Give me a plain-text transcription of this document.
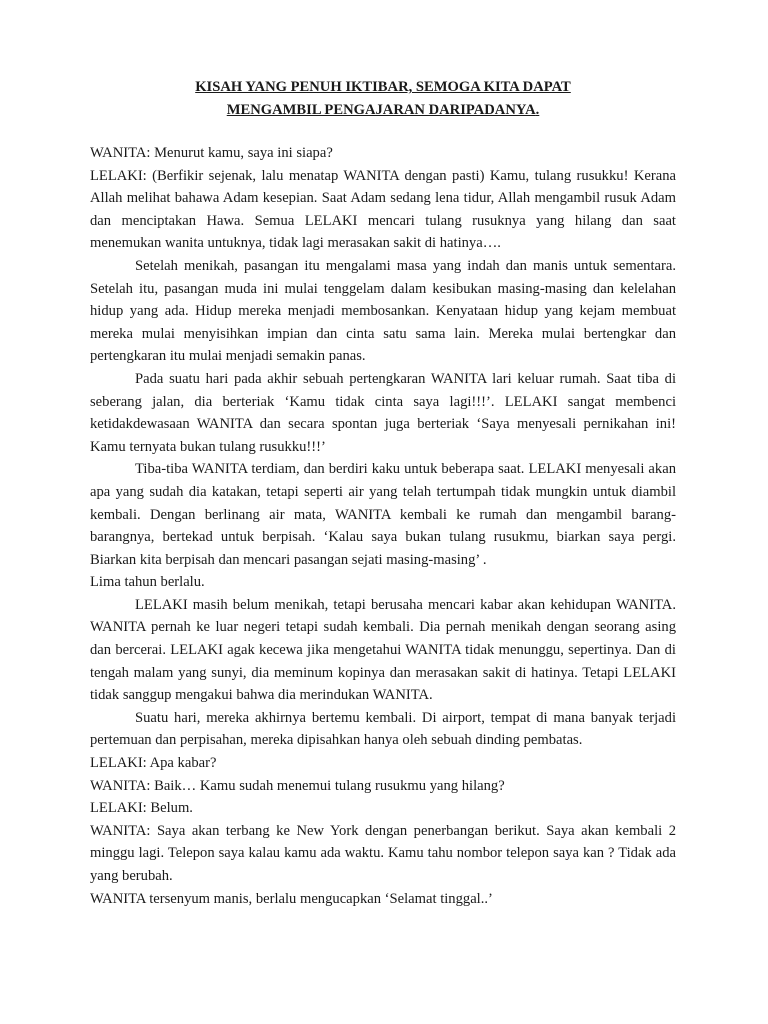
KISAH YANG PENUH IKTIBAR, SEMOGA KITA DAPAT

MENGAMBIL PENGAJARAN DARIPADANYA.

WANITA: Menurut kamu, saya ini siapa?

LELAKI: (Berfikir sejenak, lalu menatap WANITA dengan pasti) Kamu, tulang rusukku! Kerana Allah melihat bahawa Adam kesepian. Saat Adam sedang lena tidur, Allah mengambil rusuk Adam dan menciptakan Hawa. Semua LELAKI mencari tulang rusuknya yang hilang dan saat menemukan wanita untuknya, tidak lagi merasakan sakit di hatinya….

Setelah menikah, pasangan itu mengalami masa yang indah dan manis untuk sementara. Setelah itu, pasangan muda ini mulai tenggelam dalam kesibukan masing-masing dan kelelahan hidup yang ada. Hidup mereka menjadi membosankan. Kenyataan hidup yang kejam membuat mereka mulai menyisihkan impian dan cinta satu sama lain. Mereka mulai bertengkar dan pertengkaran itu mulai menjadi semakin panas.

Pada suatu hari pada akhir sebuah pertengkaran WANITA lari keluar rumah. Saat tiba di seberang jalan, dia berteriak ‘Kamu tidak cinta saya lagi!!!’. LELAKI sangat membenci ketidakdewasaan WANITA dan secara spontan juga berteriak ‘Saya menyesali pernikahan ini! Kamu ternyata bukan tulang rusukku!!!’

Tiba-tiba WANITA terdiam, dan berdiri kaku untuk beberapa saat. LELAKI menyesali akan apa yang sudah dia katakan, tetapi seperti air yang telah tertumpah tidak mungkin untuk diambil kembali. Dengan berlinang air mata, WANITA kembali ke rumah dan mengambil barang-barangnya, bertekad untuk berpisah. ‘Kalau saya bukan tulang rusukmu, biarkan saya pergi. Biarkan kita berpisah dan mencari pasangan sejati masing-masing’ .

Lima tahun berlalu.

LELAKI masih belum menikah, tetapi berusaha mencari kabar akan kehidupan WANITA. WANITA pernah ke luar negeri tetapi sudah kembali. Dia pernah menikah dengan seorang asing dan bercerai. LELAKI agak kecewa jika mengetahui WANITA tidak menunggu, sepertinya. Dan di tengah malam yang sunyi, dia meminum kopinya dan merasakan sakit di hatinya. Tetapi LELAKI tidak sanggup mengakui bahwa dia merindukan WANITA.

Suatu hari, mereka akhirnya bertemu kembali. Di airport, tempat di mana banyak terjadi pertemuan dan perpisahan, mereka dipisahkan hanya oleh sebuah dinding pembatas.

LELAKI: Apa kabar?

WANITA: Baik… Kamu sudah menemui tulang rusukmu yang hilang?

LELAKI: Belum.

WANITA: Saya akan terbang ke New York dengan penerbangan berikut. Saya akan kembali 2 minggu lagi. Telepon saya kalau kamu ada waktu. Kamu tahu nombor telepon saya kan ? Tidak ada yang berubah.

WANITA tersenyum manis, berlalu mengucapkan ‘Selamat tinggal..’
